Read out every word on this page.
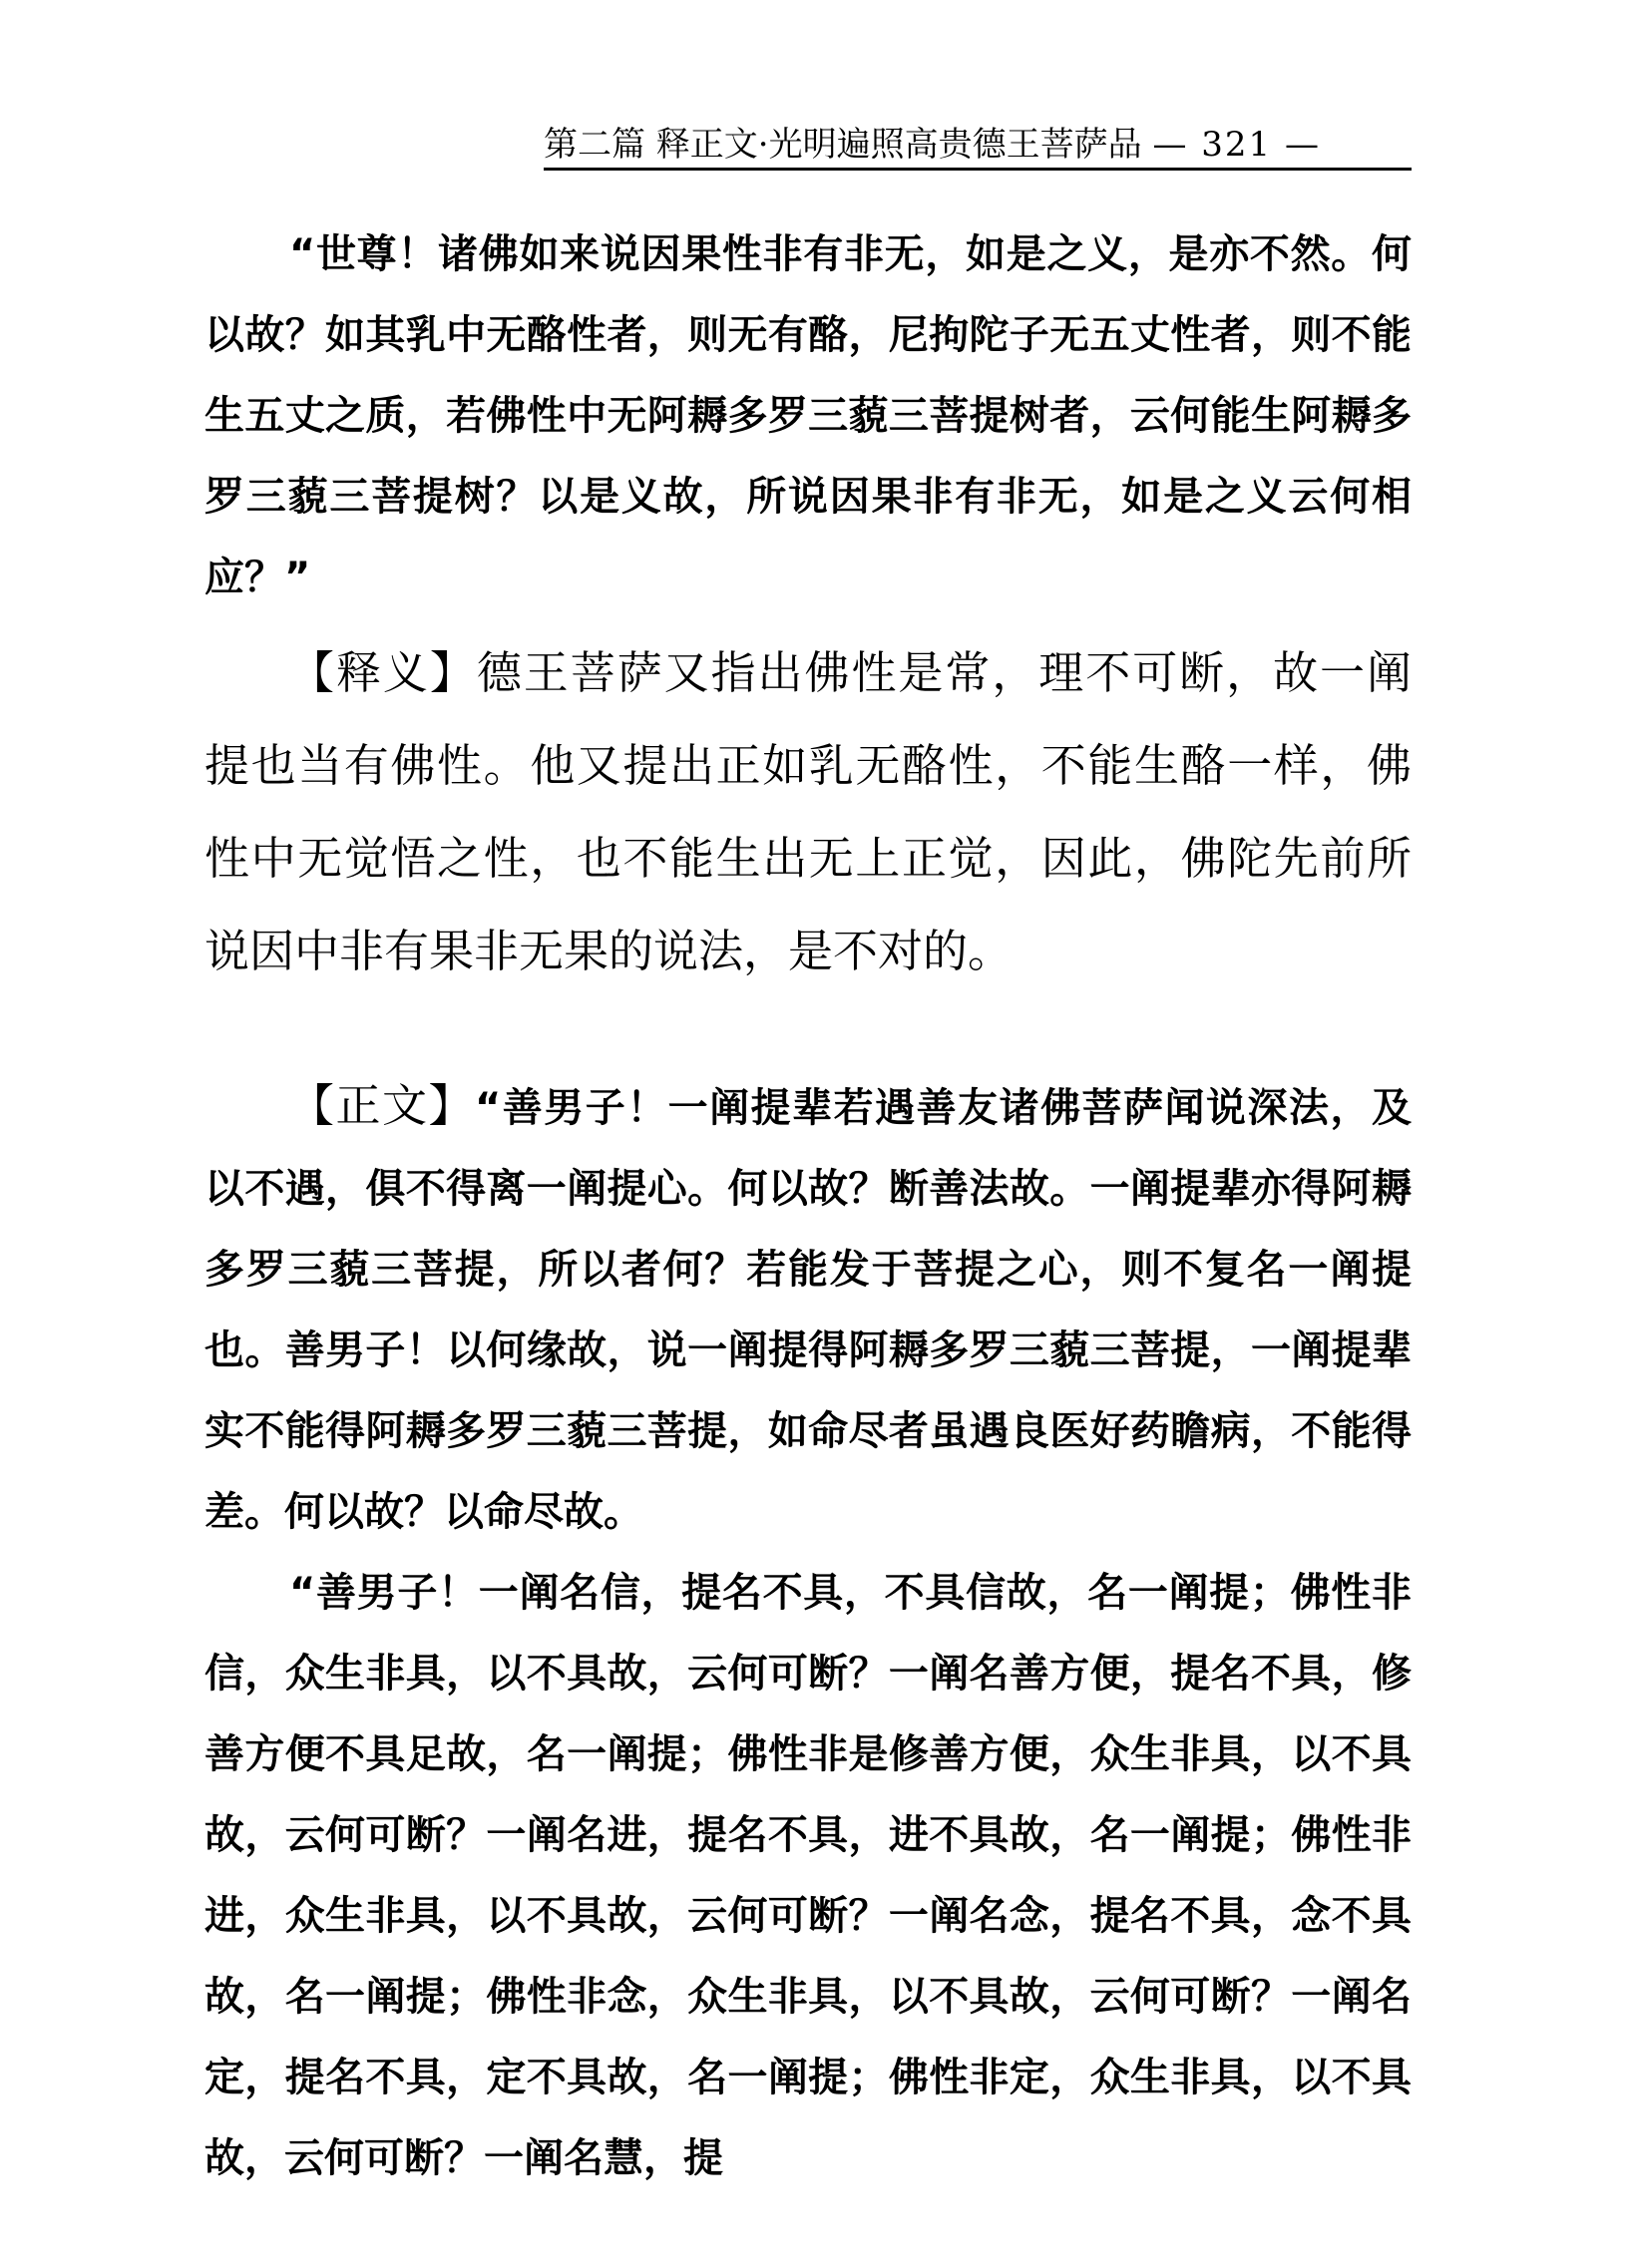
第二篇 释正文·光明遍照高贵德王菩萨品 — 321 —

“世尊！诸佛如来说因果性非有非无，如是之义，是亦不然。何以故？如其乳中无酪性者，则无有酪，尼拘陀子无五丈性者，则不能生五丈之质，若佛性中无阿耨多罗三藐三菩提树者，云何能生阿耨多罗三藐三菩提树？以是义故，所说因果非有非无，如是之义云何相应？”

【释义】德王菩萨又指出佛性是常，理不可断，故一阐提也当有佛性。他又提出正如乳无酪性，不能生酪一样，佛性中无觉悟之性，也不能生出无上正觉，因此，佛陀先前所说因中非有果非无果的说法，是不对的。

【正文】“善男子！一阐提辈若遇善友诸佛菩萨闻说深法，及以不遇，俱不得离一阐提心。何以故？断善法故。一阐提辈亦得阿耨多罗三藐三菩提，所以者何？若能发于菩提之心，则不复名一阐提也。善男子！以何缘故，说一阐提得阿耨多罗三藐三菩提，一阐提辈实不能得阿耨多罗三藐三菩提，如命尽者虽遇良医好药瞻病，不能得差。何以故？以命尽故。

“善男子！一阐名信，提名不具，不具信故，名一阐提；佛性非信，众生非具，以不具故，云何可断？一阐名善方便，提名不具，修善方便不具足故，名一阐提；佛性非是修善方便，众生非具，以不具故，云何可断？一阐名进，提名不具，进不具故，名一阐提；佛性非进，众生非具，以不具故，云何可断？一阐名念，提名不具，念不具故，名一阐提；佛性非念，众生非具，以不具故，云何可断？一阐名定，提名不具，定不具故，名一阐提；佛性非定，众生非具，以不具故，云何可断？一阐名慧，提
